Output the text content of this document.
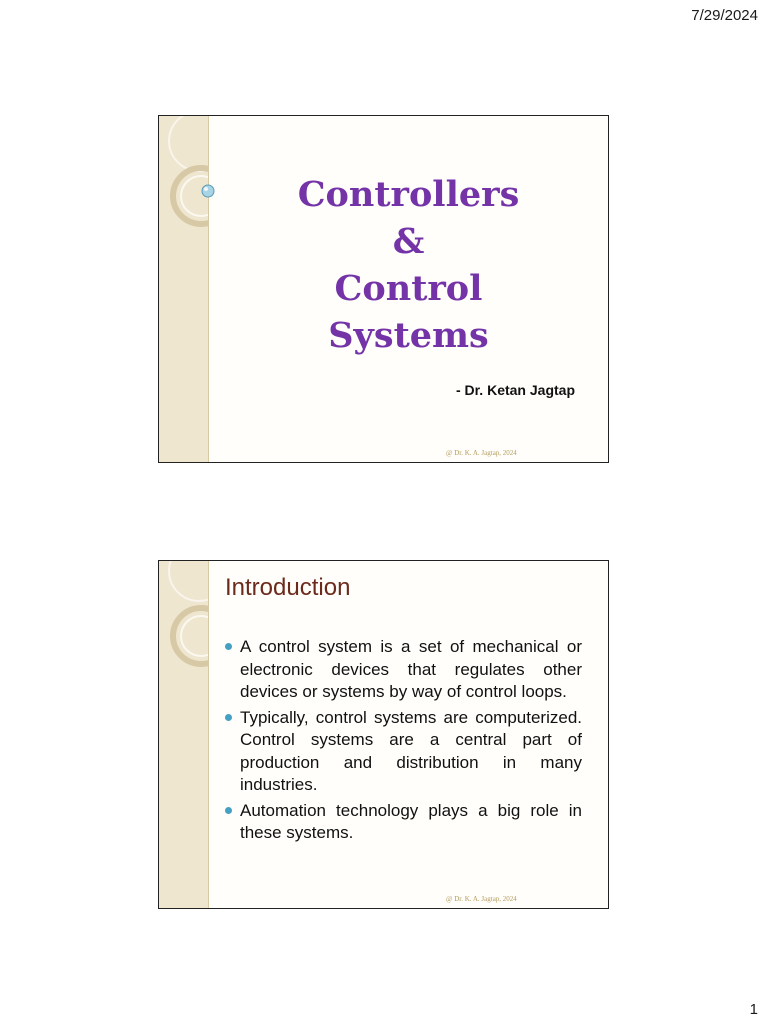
7/29/2024
Controllers
&
Control
Systems
- Dr. Ketan Jagtap
@ Dr. K. A. Jagtap, 2024
Introduction
A control system is a set of mechanical or electronic devices that regulates other devices or systems by way of control loops.
Typically, control systems are computerized. Control systems are a central part of production and distribution in many industries.
Automation technology plays a big role in these systems.
@ Dr. K. A. Jagtap, 2024
1
